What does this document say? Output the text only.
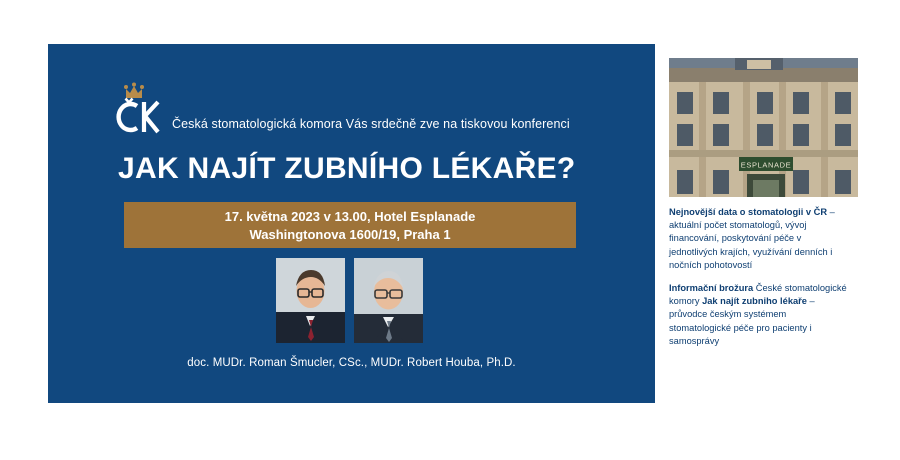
Česká stomatologická komora Vás srdečně zve na tiskovou konferenci
JAK NAJÍT ZUBNÍHO LÉKAŘE?
17. května 2023 v 13.00, Hotel Esplanade
Washingtonova 1600/19, Praha 1
doc. MUDr. Roman Šmucler, CSc., MUDr. Robert Houba, Ph.D.
ESPLANADE

Nejnovější data o stomatologii v ČR – aktuální počet stomatologů, vývoj financování, poskytování péče v jednotlivých krajích, využívání denních i nočních pohotovostí

Informační brožura České stomatologické komory Jak najít zubniho lékaře – průvodce českým systémem stomatologické péče pro pacienty i samosprávy
